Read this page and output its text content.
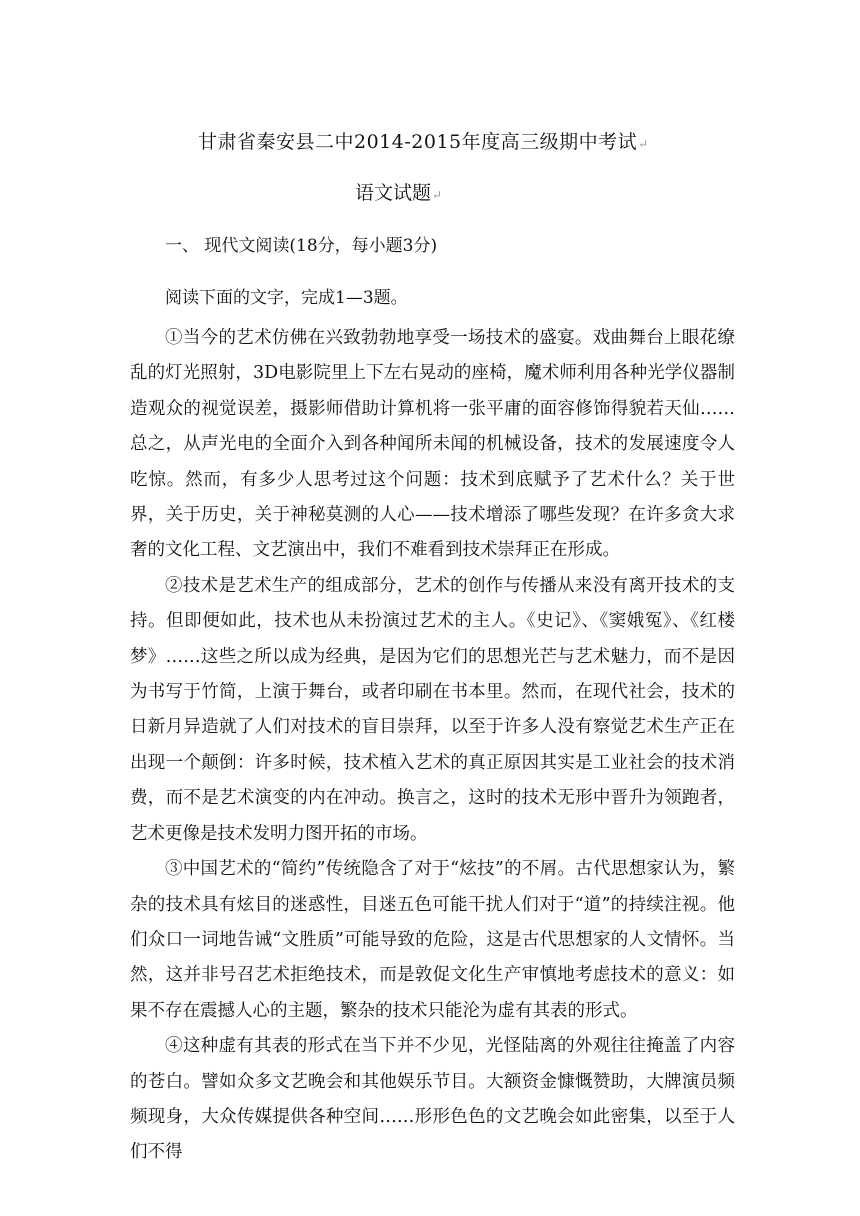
甘肃省秦安县二中2014-2015年度高三级期中考试↵
语文试题↵
一、 现代文阅读(18分，每小题3分)
阅读下面的文字，完成1—3题。

①当今的艺术仿佛在兴致勃勃地享受一场技术的盛宴。戏曲舞台上眼花缭乱的灯光照射，3D电影院里上下左右晃动的座椅，魔术师利用各种光学仪器制造观众的视觉误差，摄影师借助计算机将一张平庸的面容修饰得貌若天仙……总之，从声光电的全面介入到各种闻所未闻的机械设备，技术的发展速度令人吃惊。然而，有多少人思考过这个问题：技术到底赋予了艺术什么？关于世界，关于历史，关于神秘莫测的人心——技术增添了哪些发现？在许多贪大求奢的文化工程、文艺演出中，我们不难看到技术崇拜正在形成。

②技术是艺术生产的组成部分，艺术的创作与传播从来没有离开技术的支持。但即便如此，技术也从未扮演过艺术的主人。《史记》、《窦娥冤》、《红楼梦》……这些之所以成为经典，是因为它们的思想光芒与艺术魅力，而不是因为书写于竹简，上演于舞台，或者印刷在书本里。然而，在现代社会，技术的日新月异造就了人们对技术的盲目崇拜，以至于许多人没有察觉艺术生产正在出现一个颠倒：许多时候，技术植入艺术的真正原因其实是工业社会的技术消费，而不是艺术演变的内在冲动。换言之，这时的技术无形中晋升为领跑者，艺术更像是技术发明力图开拓的市场。

③中国艺术的“简约”传统隐含了对于“炫技”的不屑。古代思想家认为，繁杂的技术具有炫目的迷惑性，目迷五色可能干扰人们对于“道”的持续注视。他们众口一词地告诫“文胜质”可能导致的危险，这是古代思想家的人文情怀。当然，这并非号召艺术拒绝技术，而是敦促文化生产审慎地考虑技术的意义：如果不存在震撼人心的主题，繁杂的技术只能沦为虚有其表的形式。

④这种虚有其表的形式在当下并不少见，光怪陆离的外观往往掩盖了内容的苍白。譬如众多文艺晚会和其他娱乐节目。大额资金慷慨赞助，大牌演员频频现身，大众传媒提供各种空间……形形色色的文艺晚会如此密集，以至于人们不得
